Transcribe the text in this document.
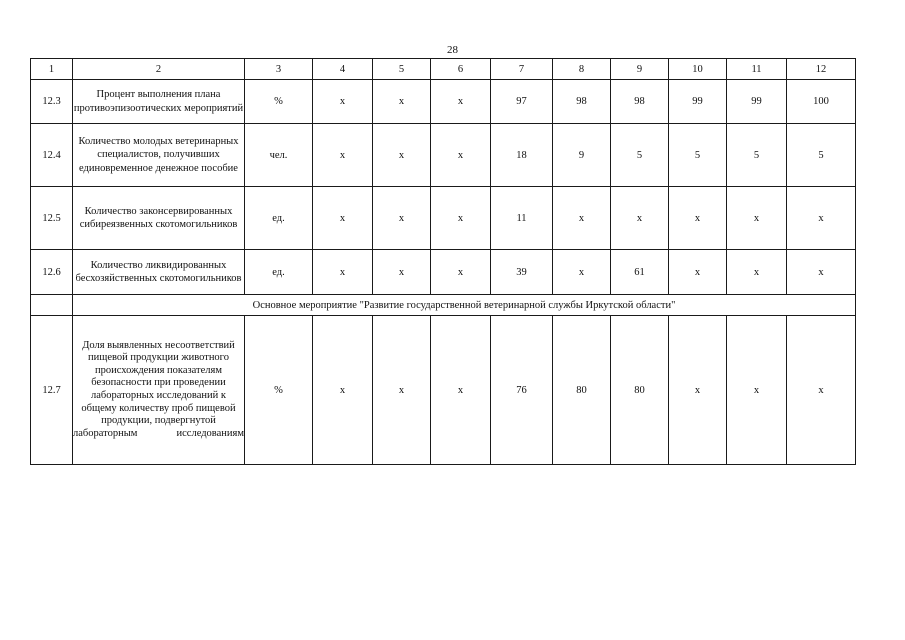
28
1	2	3	4	5	6	7	8	9	10	11	12
12.3	Процент выполнения плана противоэпизоотических мероприятий	%	x	x	x	97	98	98	99	99	100
12.4	Количество молодых ветеринарных специалистов, получивших единовременное денежное пособие	чел.	x	x	x	18	9	5	5	5	5
12.5	Количество законсервированных сибиреязвенных скотомогильников	ед.	x	x	x	11	x	x	x	x	x
12.6	Количество ликвидированных бесхозяйственных скотомогильников	ед.	x	x	x	39	x	61	x	x	x
	Основное мероприятие "Развитие государственной ветеринарной службы Иркутской области"										
12.7	Доля выявленных несоответствий пищевой продукции животного происхождения показателям безопасности при проведении лабораторных исследований к общему количеству проб пищевой продукции, подвергнутой лабораторным исследованиям	%	x	x	x	76	80	80	x	x	x
